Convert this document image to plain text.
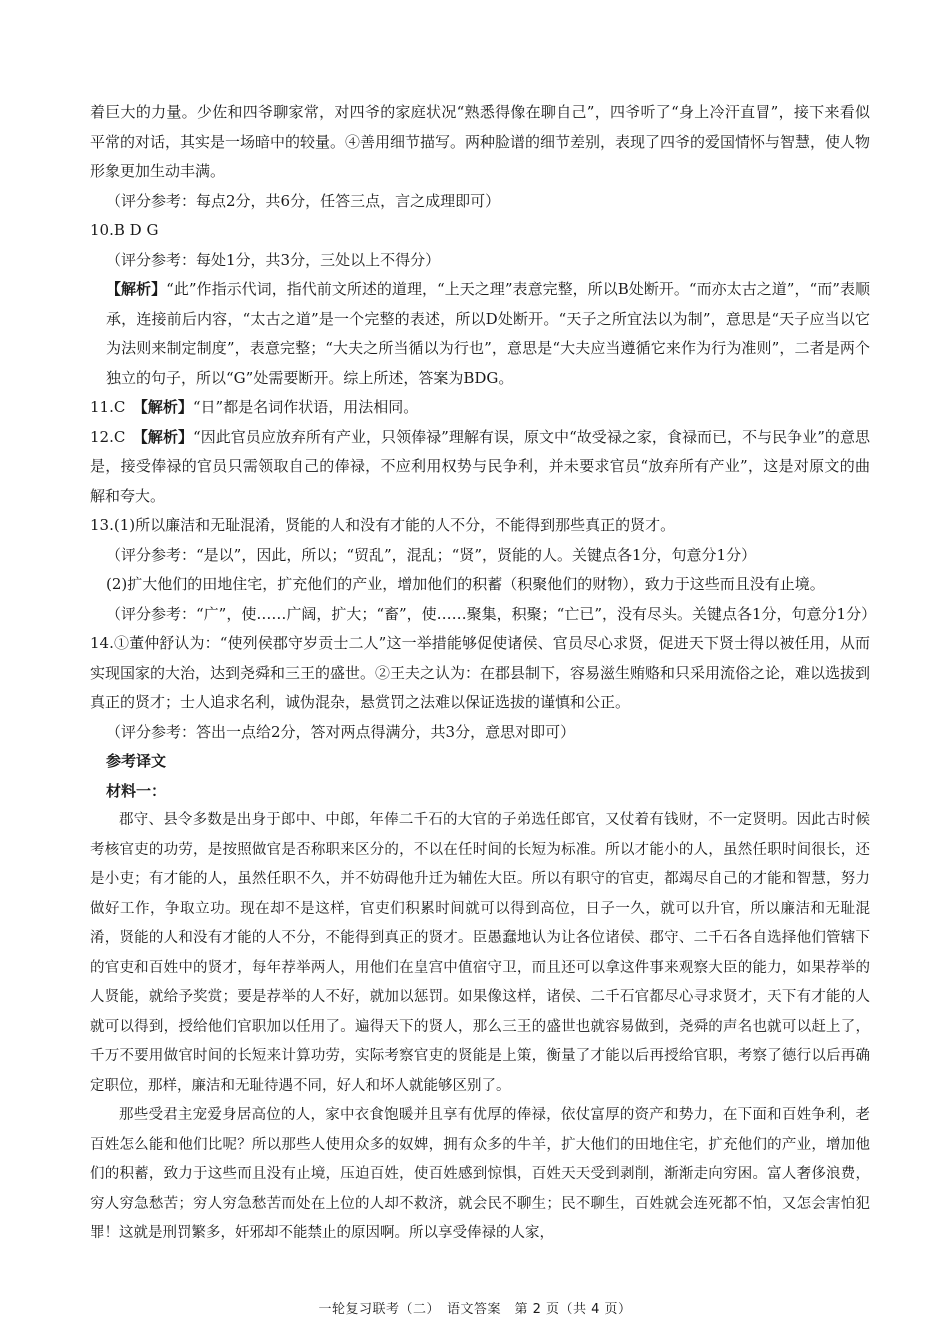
着巨大的力量。少佐和四爷聊家常，对四爷的家庭状况“熟悉得像在聊自己”，四爷听了“身上冷汗直冒”，接下来看似平常的对话，其实是一场暗中的较量。④善用细节描写。两种脸谱的细节差别，表现了四爷的爱国情怀与智慧，使人物形象更加生动丰满。

（评分参考：每点2分，共6分，任答三点，言之成理即可）

10.B D G

（评分参考：每处1分，共3分，三处以上不得分）

【解析】“此”作指示代词，指代前文所述的道理，“上天之理”表意完整，所以B处断开。“而亦太古之道”，“而”表顺承，连接前后内容，“太古之道”是一个完整的表述，所以D处断开。“天子之所宜法以为制”，意思是“天子应当以它为法则来制定制度”，表意完整；“大夫之所当循以为行也”，意思是“大夫应当遵循它来作为行为准则”，二者是两个独立的句子，所以“G”处需要断开。综上所述，答案为BDG。

11.C　【解析】“日”都是名词作状语，用法相同。

12.C　【解析】“因此官员应放弃所有产业，只领俸禄”理解有误，原文中“故受禄之家，食禄而已，不与民争业”的意思是，接受俸禄的官员只需领取自己的俸禄，不应利用权势与民争利，并未要求官员“放弃所有产业”，这是对原文的曲解和夸大。

13.(1)所以廉洁和无耻混淆，贤能的人和没有才能的人不分，不能得到那些真正的贤才。

（评分参考：“是以”，因此，所以；“贸乱”，混乱；“贤”，贤能的人。关键点各1分，句意分1分）

(2)扩大他们的田地住宅，扩充他们的产业，增加他们的积蓄（积聚他们的财物），致力于这些而且没有止境。

（评分参考：“广”，使……广阔，扩大；“畜”，使……聚集，积聚；“亡已”，没有尽头。关键点各1分，句意分1分）

14.①董仲舒认为：“使列侯郡守岁贡士二人”这一举措能够促使诸侯、官员尽心求贤，促进天下贤士得以被任用，从而实现国家的大治，达到尧舜和三王的盛世。②王夫之认为：在郡县制下，容易滋生贿赂和只采用流俗之论，难以选拔到真正的贤才；士人追求名利，诚伪混杂，悬赏罚之法难以保证选拔的谨慎和公正。

（评分参考：答出一点给2分，答对两点得满分，共3分，意思对即可）

参考译文

材料一：

郡守、县令多数是出身于郎中、中郎，年俸二千石的大官的子弟选任郎官，又仗着有钱财，不一定贤明。因此古时候考核官吏的功劳，是按照做官是否称职来区分的，不以在任时间的长短为标准。所以才能小的人，虽然任职时间很长，还是小吏；有才能的人，虽然任职不久，并不妨碍他升迁为辅佐大臣。所以有职守的官吏，都竭尽自己的才能和智慧，努力做好工作，争取立功。现在却不是这样，官吏们积累时间就可以得到高位，日子一久，就可以升官，所以廉洁和无耻混淆，贤能的人和没有才能的人不分，不能得到真正的贤才。臣愚蠢地认为让各位诸侯、郡守、二千石各自选择他们管辖下的官吏和百姓中的贤才，每年荐举两人，用他们在皇宫中值宿守卫，而且还可以拿这件事来观察大臣的能力，如果荐举的人贤能，就给予奖赏；要是荐举的人不好，就加以惩罚。如果像这样，诸侯、二千石官都尽心寻求贤才，天下有才能的人就可以得到，授给他们官职加以任用了。遍得天下的贤人，那么三王的盛世也就容易做到，尧舜的声名也就可以赶上了，千万不要用做官时间的长短来计算功劳，实际考察官吏的贤能是上策，衡量了才能以后再授给官职，考察了德行以后再确定职位，那样，廉洁和无耻待遇不同，好人和坏人就能够区别了。

那些受君主宠爱身居高位的人，家中衣食饱暖并且享有优厚的俸禄，依仗富厚的资产和势力，在下面和百姓争利，老百姓怎么能和他们比呢？所以那些人使用众多的奴婢，拥有众多的牛羊，扩大他们的田地住宅，扩充他们的产业，增加他们的积蓄，致力于这些而且没有止境，压迫百姓，使百姓感到惊惧，百姓天天受到剥削，渐渐走向穷困。富人奢侈浪费，穷人穷急愁苦；穷人穷急愁苦而处在上位的人却不救济，就会民不聊生；民不聊生，百姓就会连死都不怕，又怎会害怕犯罪！这就是刑罚繁多，奸邪却不能禁止的原因啊。所以享受俸禄的人家，

一轮复习联考（二）　语文答案　第 2 页（共 4 页）
